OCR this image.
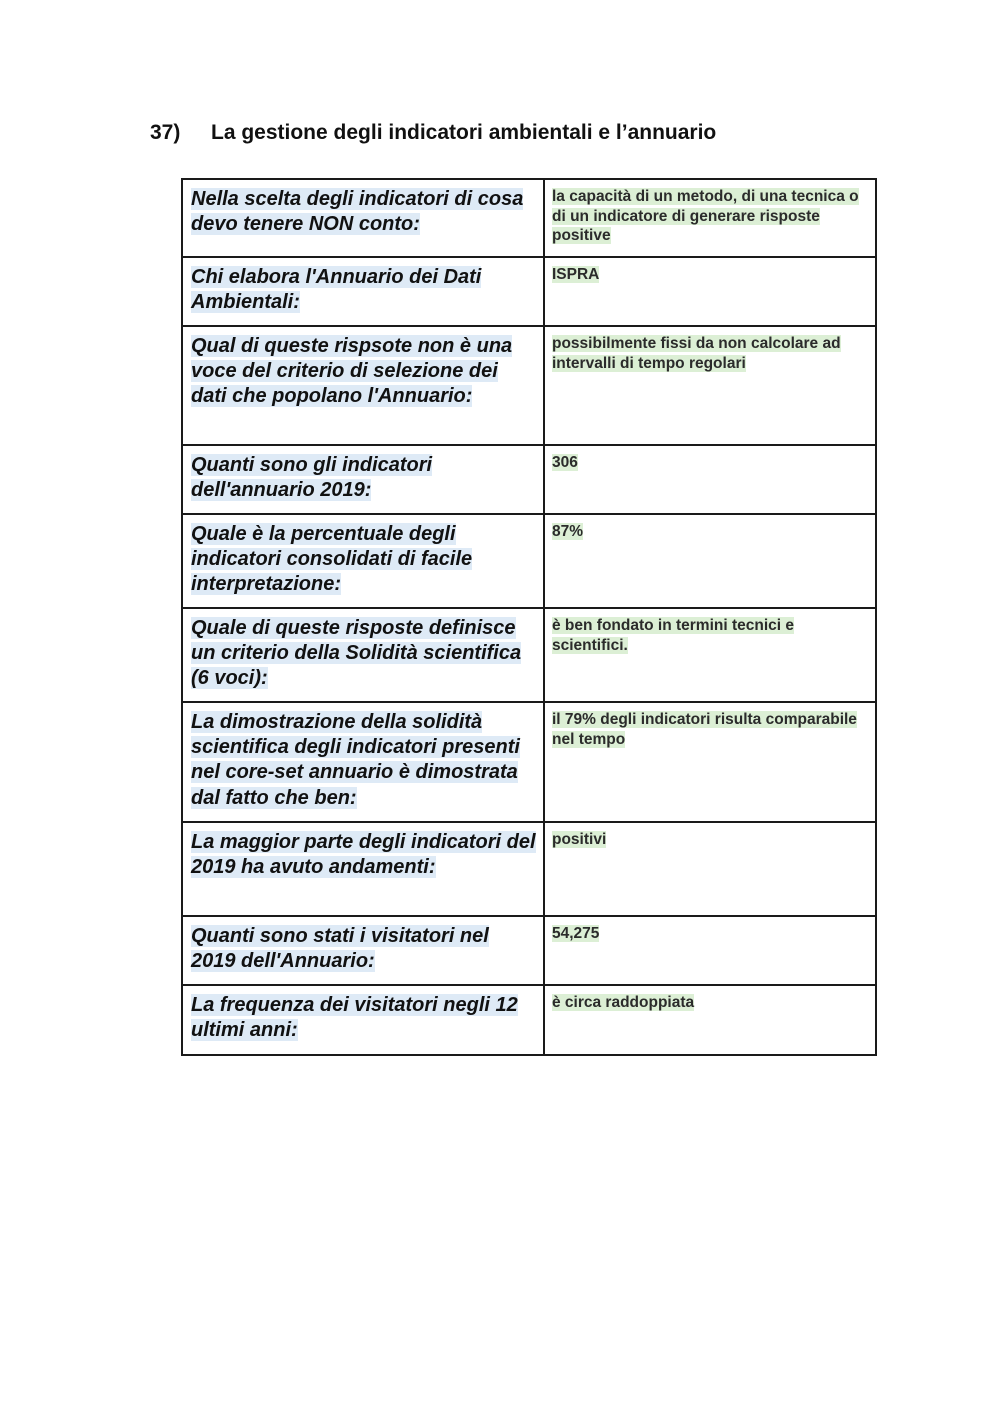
37) La gestione degli indicatori ambientali e l’annuario
Nella scelta degli indicatori di cosa devo tenere NON conto:	la capacità di un metodo, di una tecnica o di un indicatore di generare risposte positive
Chi elabora l'Annuario dei Dati Ambientali:	ISPRA
Qual di queste rispsote non è una voce del criterio di selezione dei dati che popolano l'Annuario:	possibilmente fissi da non calcolare ad intervalli di tempo regolari
Quanti sono gli indicatori dell'annuario 2019:	306
Quale è la percentuale degli indicatori consolidati di facile interpretazione:	87%
Quale di queste risposte definisce un criterio della Solidità scientifica (6 voci):	è ben fondato in termini tecnici e scientifici.
La dimostrazione della solidità scientifica degli indicatori presenti nel core-set annuario è dimostrata dal fatto che ben:	il 79% degli indicatori risulta comparabile nel tempo
La maggior parte degli indicatori del 2019 ha avuto andamenti:	positivi
Quanti sono stati i visitatori nel 2019 dell'Annuario:	54,275
La frequenza dei visitatori negli 12 ultimi anni:	è circa raddoppiata
